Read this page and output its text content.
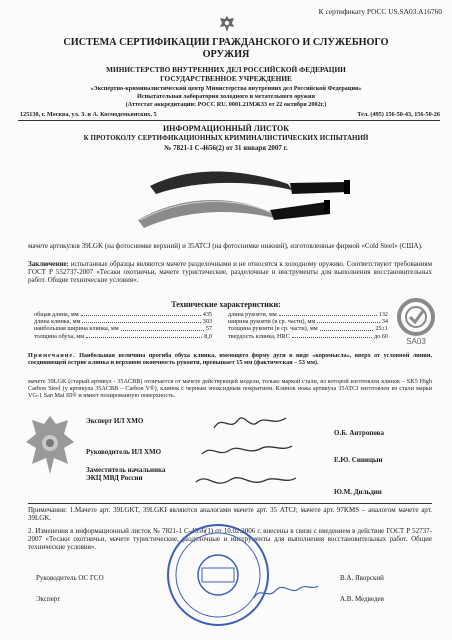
К сертификату РОСС US.SA03.A16760
СИСТЕМА СЕРТИФИКАЦИИ ГРАЖДАНСКОГО И СЛУЖЕБНОГО ОРУЖИЯ
МИНИСТЕРСТВО ВНУТРЕННИХ ДЕЛ РОССИЙСКОЙ ФЕДЕРАЦИИ
ГОСУДАРСТВЕННОЕ УЧРЕЖДЕНИЕ
«Экспертно-криминалистический центр Министерства внутренних дел Российской Федерации»
Испытательная лаборатория холодного и метательного оружия
(Аттестат аккредитации: РОСС RU. 0001.21МЖ33 от 22 октября 2002г.)
125130, г. Москва, ул. З. и А. Космодемьянских, 5	Тел. (495) 156-50-43, 156-50-26
ИНФОРМАЦИОННЫЙ ЛИСТОК
К ПРОТОКОЛУ СЕРТИФИКАЦИОННЫХ КРИМИНАЛИСТИЧЕСКИХ ИСПЫТАНИЙ
№ 7821-1 С-4656(2) от 31 января 2007 г.
мачете артикулов 39LGK (на фотоснимке верхний) и 35ATCJ (на фотоснимке нижний), изготовленные фирмой «Cold Steel» (США).
Заключение: испытанные образцы являются мачете разделочными и не относятся к холодному оружию. Соответствуют требованиям ГОСТ Р 552737-2007 «Тесаки охотничьи, мачете туристические, разделочные и инструменты для выполнения восстановительных работ. Общие технические условия».
Технические характеристики:
общая длина, мм	435
длина клинка, мм	303
наибольшая ширина клинка, мм	57
толщина обуха, мм	8,0
длина рукояти, мм	132
ширина рукояти (в ср. части), мм	34
толщина рукояти (в ср. части), мм	25±1
твердость клинка, HRC	до 60
SA03
Примечание. Наибольшая величина прогиба обуха клинка, имеющего форму дуги в виде «коромысла», вверх от условной линии, соединяющей острие клинка и верхнюю окончность рукояти, превышает 15 мм (фактическая – 53 мм).
мачете 39LGK (старый артикул - 35ACBB) отличается от мачете действующей модели, только маркой стали, из которой изготовлен клинок – SK5 High Carbon Steel (у артикула 35ACBB – Carbon V®), клинок с черным эпоксидным покрытием. Клинок ножа артикула 35ATCJ изготовлен из стали марки VG-1 San Mai III® и имеет полированную поверхность.
Эксперт ИЛ ХМО
О.Б. Антропова
Руководитель ИЛ ХМО
Е.Ю. Синицын
Заместитель начальника ЭКЦ МВД России
Ю.М. Дильдин
Примечания: 1.Мачете арт. 39LGKT, 39LGKI являются аналогами мачете арт. 35 ATCJ; мачете арт. 97KMS – аналогом мачете арт. 39LGK.
2. Изменения в информационный листок № 7821-1 С-4656(1) от 10.02.2006 г. внесены в связи с введением в действие ГОСТ Р 52737-2007 «Тесаки охотничьи, мачете туристические, разделочные и инструменты для выполнения восстановительных работ. Общие технические условия».
Руководитель ОС ГСО	В.А. Яворский
Эксперт	А.В. Медведев
